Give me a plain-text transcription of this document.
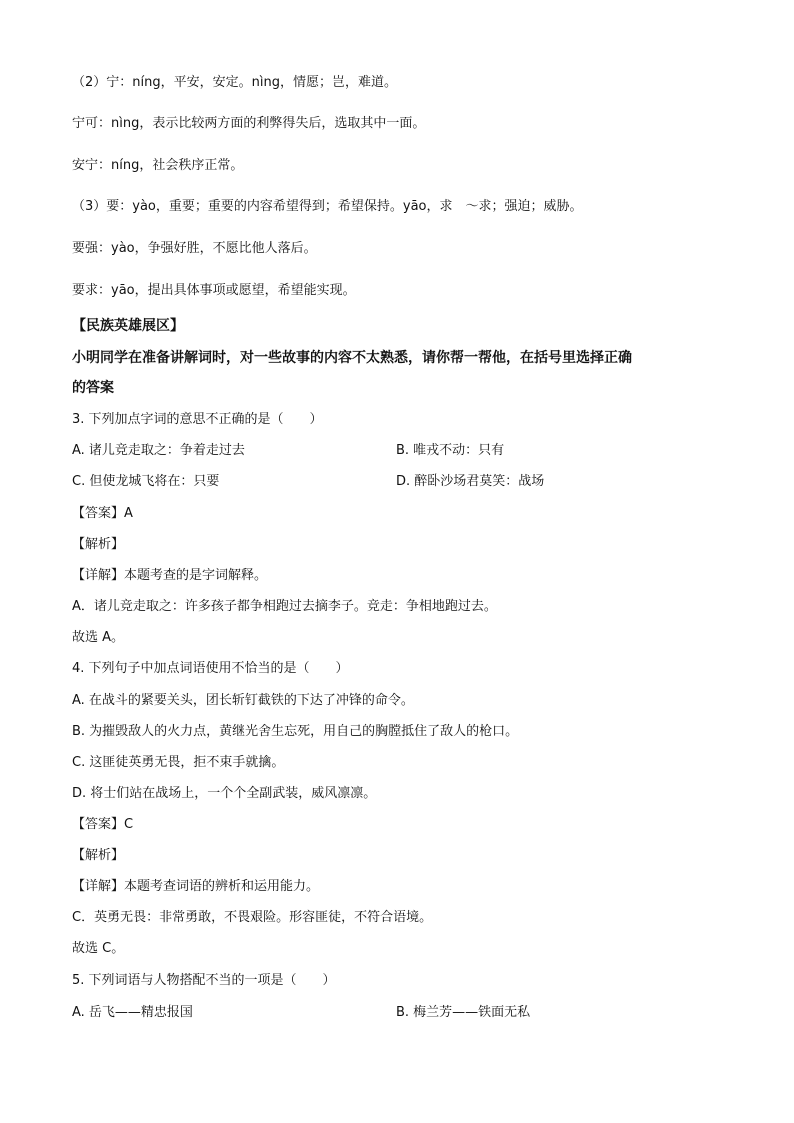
（2）宁：níng，平安，安定。nìng，情愿；岂，难道。
宁可：nìng，表示比较两方面的利弊得失后，选取其中一面。
安宁：níng，社会秩序正常。
（3）要：yào，重要；重要的内容希望得到；希望保持。yāo，求　～求；强迫；威胁。
要强：yào，争强好胜，不愿比他人落后。
要求：yāo，提出具体事项或愿望，希望能实现。
【民族英雄展区】
小明同学在准备讲解词时，对一些故事的内容不太熟悉，请你帮一帮他，在括号里选择正确
的答案
3. 下列加点字词的意思不正确的是（　　）
A. 诸儿竞走取之：争着走过去	B. 唯戎不动：只有
C. 但使龙城飞将在：只要	D. 醉卧沙场君莫笑：战场
【答案】A
【解析】
【详解】本题考查的是字词解释。
A．诸儿竞走取之：许多孩子都争相跑过去摘李子。竞走：争相地跑过去。
故选 A。
4. 下列句子中加点词语使用不恰当的是（　　）
A. 在战斗的紧要关头，团长斩钉截铁的下达了冲锋的命令。
B. 为摧毁敌人的火力点，黄继光舍生忘死，用自己的胸膛抵住了敌人的枪口。
C. 这匪徒英勇无畏，拒不束手就擒。
D. 将士们站在战场上，一个个全副武装，威风凛凛。
【答案】C
【解析】
【详解】本题考查词语的辨析和运用能力。
C．英勇无畏：非常勇敢，不畏艰险。形容匪徒，不符合语境。
故选 C。
5. 下列词语与人物搭配不当的一项是（　　）
A. 岳飞——精忠报国	B. 梅兰芳——铁面无私
